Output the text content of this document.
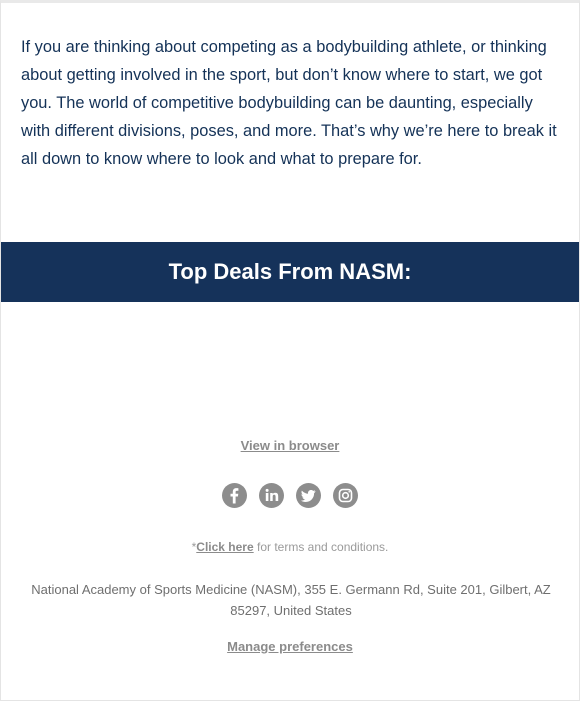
If you are thinking about competing as a bodybuilding athlete, or thinking about getting involved in the sport, but don’t know where to start, we got you. The world of competitive bodybuilding can be daunting, especially with different divisions, poses, and more. That’s why we’re here to break it all down to know where to look and what to prepare for.

Top Deals From NASM:
View in browser
*Click here for terms and conditions.
National Academy of Sports Medicine (NASM), 355 E. Germann Rd, Suite 201, Gilbert, AZ 85297, United States
Manage preferences
